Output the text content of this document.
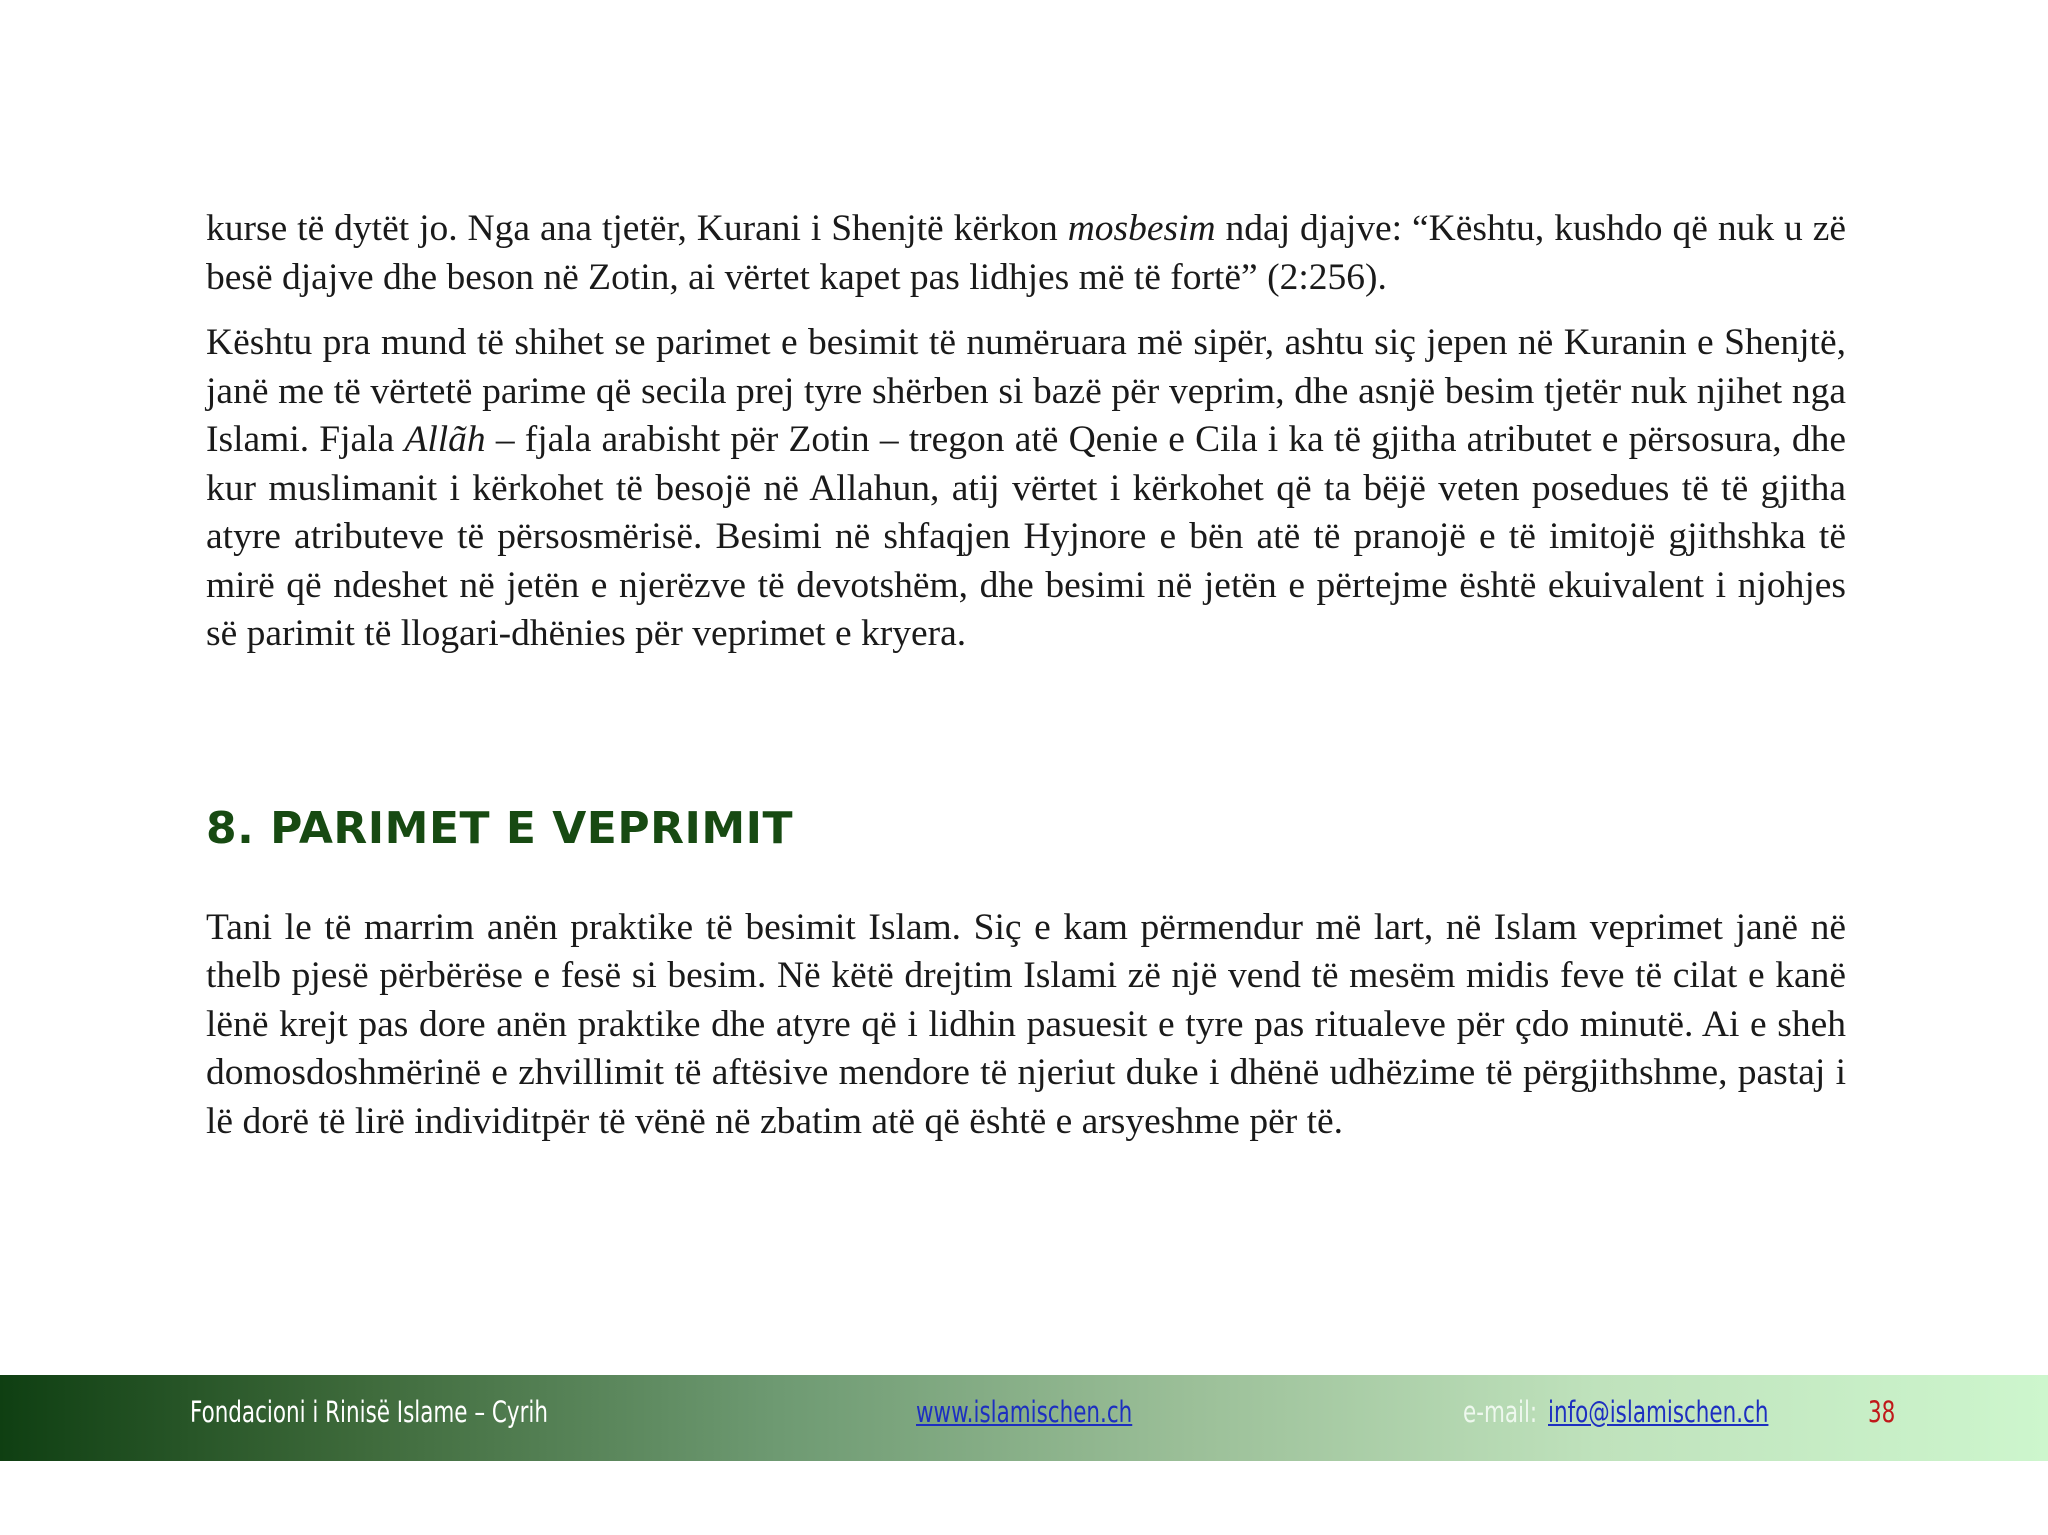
kurse të dytët jo. Nga ana tjetër, Kurani i Shenjtë kërkon mosbesim ndaj djajve: “Kështu, kushdo që nuk u zë besë djajve dhe beson në Zotin, ai vërtet kapet pas lidhjes më të fortë” (2:256).

Kështu pra mund të shihet se parimet e besimit të numëruara më sipër, ashtu siç jepen në Kuranin e Shenjtë, janë me të vërtetë parime që secila prej tyre shërben si bazë për veprim, dhe asnjë besim tjetër nuk njihet nga Islami. Fjala Allãh – fjala arabisht për Zotin – tregon atë Qenie e Cila i ka të gjitha atributet e përsosura, dhe kur muslimanit i kërkohet të besojë në Allahun, atij vërtet i kërkohet që ta bëjë veten posedues të të gjitha atyre atributeve të përsosmërisë. Besimi në shfaqjen Hyjnore e bën atë të pranojë e të imitojë gjithshka të mirë që ndeshet në jetën e njerëzve të devotshëm, dhe besimi në jetën e përtejme është ekuivalent i njohjes së parimit të llogari-dhënies për veprimet e kryera.

8. PARIMET E VEPRIMIT

Tani le të marrim anën praktike të besimit Islam. Siç e kam përmendur më lart, në Islam veprimet janë në thelb pjesë përbërëse e fesë si besim. Në këtë drejtim Islami zë një vend të mesëm midis feve të cilat e kanë lënë krejt pas dore anën praktike dhe atyre që i lidhin pasuesit e tyre pas ritualeve për çdo minutë. Ai e sheh domosdoshmërinë e zhvillimit të aftësive mendore të njeriut duke i dhënë udhëzime të përgjithshme, pastaj i lë dorë të lirë individitpër të vënë në zbatim atë që është e arsyeshme për të.

Fondacioni i Rinisë Islame – Cyrih	www.islamischen.ch	e-mail: info@islamischen.ch	38
